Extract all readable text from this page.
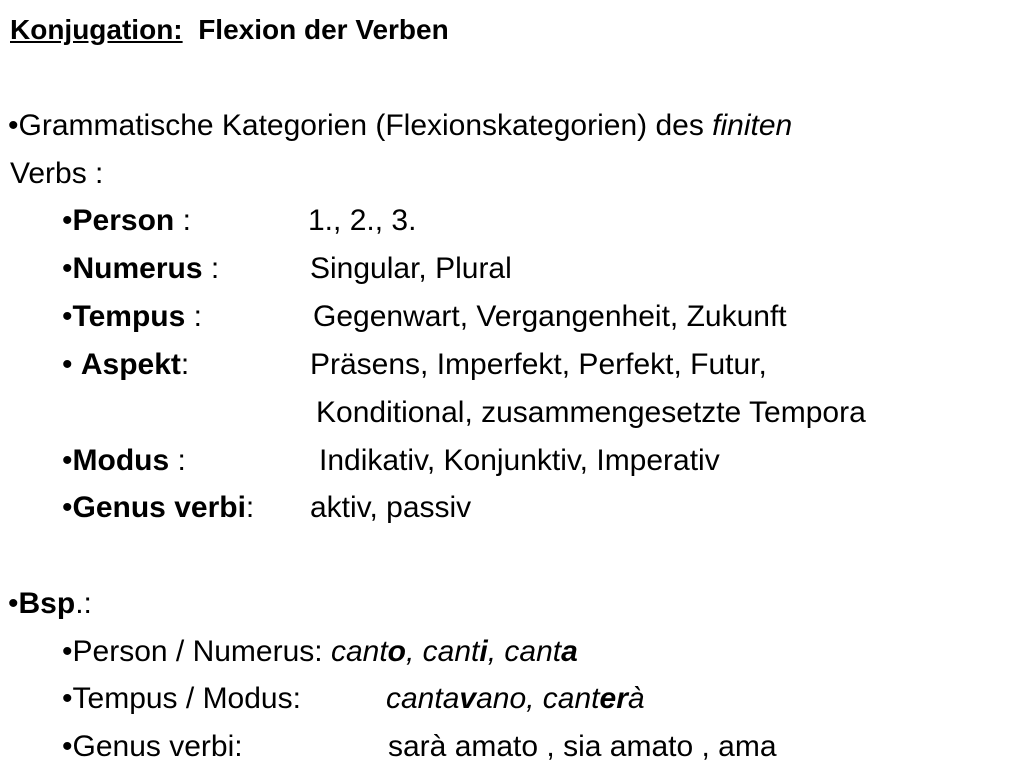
Konjugation: Flexion der Verben
•Grammatische Kategorien (Flexionskategorien) des finiten
Verbs :
•Person :	1., 2., 3.
•Numerus :	Singular, Plural
•Tempus :	Gegenwart, Vergangenheit, Zukunft
• Aspekt:	Präsens, Imperfekt, Perfekt, Futur,
Konditional, zusammengesetzte Tempora
•Modus :	Indikativ, Konjunktiv, Imperativ
•Genus verbi: aktiv, passiv
•Bsp.:
•Person / Numerus: canto, canti, canta
•Tempus / Modus:	cantavano, canterà
•Genus verbi:	sarà amato , sia amato , ama
